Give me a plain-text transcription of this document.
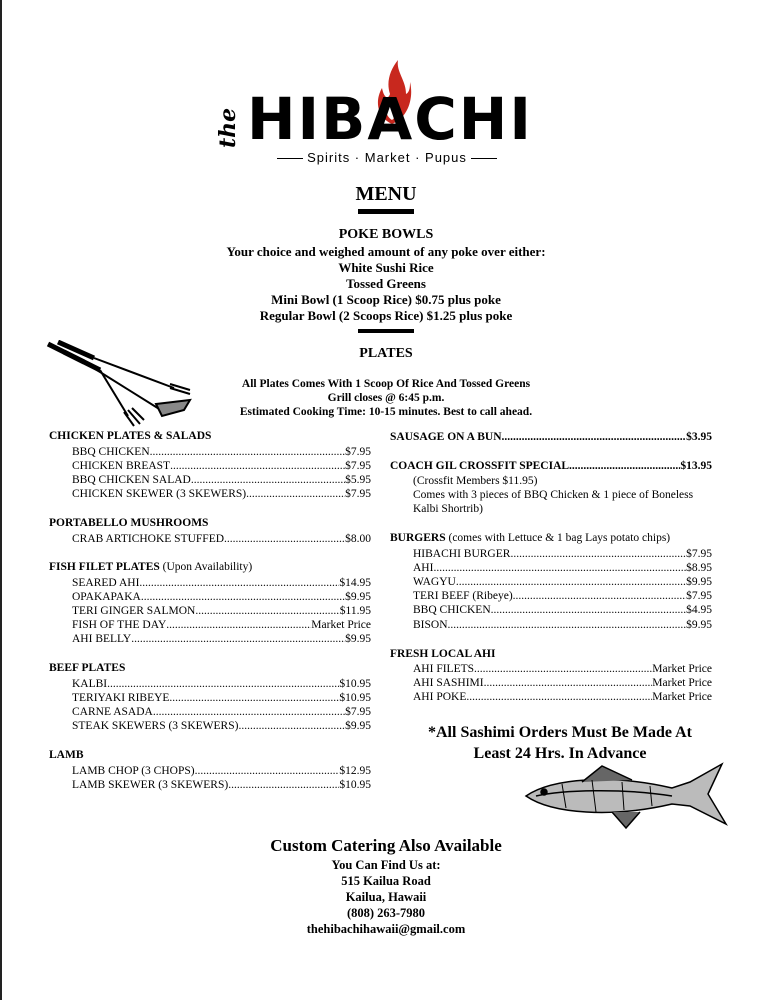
the HIBACHI
Spirits · Market · Pupus
MENU
POKE BOWLS
Your choice and weighed amount of any poke over either:
White Sushi Rice
Tossed Greens
Mini Bowl (1 Scoop Rice) $0.75 plus poke
Regular Bowl (2 Scoops Rice) $1.25 plus poke
PLATES
All Plates Comes With 1 Scoop Of Rice And Tossed Greens
Grill closes @ 6:45 p.m.
Estimated Cooking Time: 10-15 minutes. Best to call ahead.
CHICKEN PLATES & SALADS
BBQ CHICKEN .....	$7.95
CHICKEN BREAST .....	$7.95
BBQ CHICKEN SALAD .....	$5.95
CHICKEN SKEWER (3 SKEWERS) .....	$7.95
PORTABELLO MUSHROOMS
CRAB ARTICHOKE STUFFED .....	$8.00
FISH FILET PLATES (Upon Availability)
SEARED AHI .....	$14.95
OPAKAPAKA .....	$9.95
TERI GINGER SALMON .....	$11.95
FISH OF THE DAY .....	Market Price
AHI BELLY .....	$9.95
BEEF PLATES
KALBI .....	$10.95
TERIYAKI RIBEYE .....	$10.95
CARNE ASADA .....	$7.95
STEAK SKEWERS (3 SKEWERS) .....	$9.95
LAMB
LAMB CHOP (3 CHOPS) .....	$12.95
LAMB SKEWER (3 SKEWERS) .....	$10.95
SAUSAGE ON A BUN .....	$3.95
COACH GIL CROSSFIT SPECIAL .....	$13.95
(Crossfit Members $11.95)
Comes with 3 pieces of BBQ Chicken & 1 piece of Boneless
Kalbi Shortrib)
BURGERS (comes with Lettuce & 1 bag Lays potato chips)
HIBACHI BURGER .....	$7.95
AHI .....	$8.95
WAGYU .....	$9.95
TERI BEEF (Ribeye) .....	$7.95
BBQ CHICKEN .....	$4.95
BISON .....	$9.95
FRESH LOCAL AHI
AHI FILETS .....	Market Price
AHI SASHIMI .....	Market Price
AHI POKE .....	Market Price
*All Sashimi Orders Must Be Made At
Least 24 Hrs. In Advance
Custom Catering Also Available
You Can Find Us at:
515 Kailua Road
Kailua, Hawaii
(808) 263-7980
thehibachihawaii@gmail.com
